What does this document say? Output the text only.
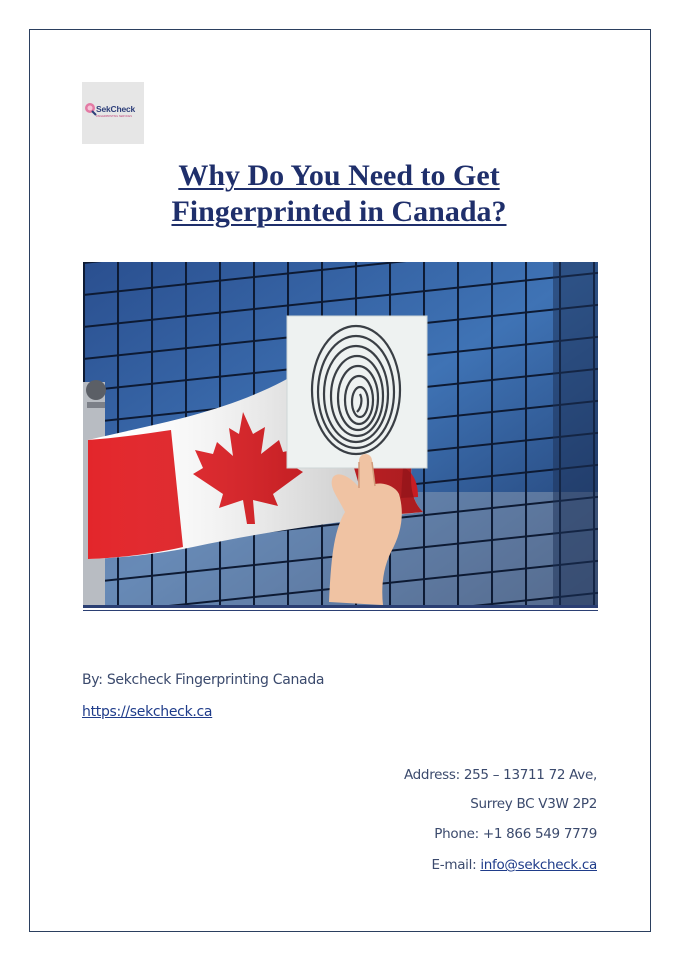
SekCheck
FINGERPRINTING SERVICES
Why Do You Need to Get
Fingerprinted in Canada?
By: Sekcheck Fingerprinting Canada
https://sekcheck.ca
Address: 255 – 13711 72 Ave,
Surrey BC V3W 2P2
Phone: +1 866 549 7779
E-mail: info@sekcheck.ca
